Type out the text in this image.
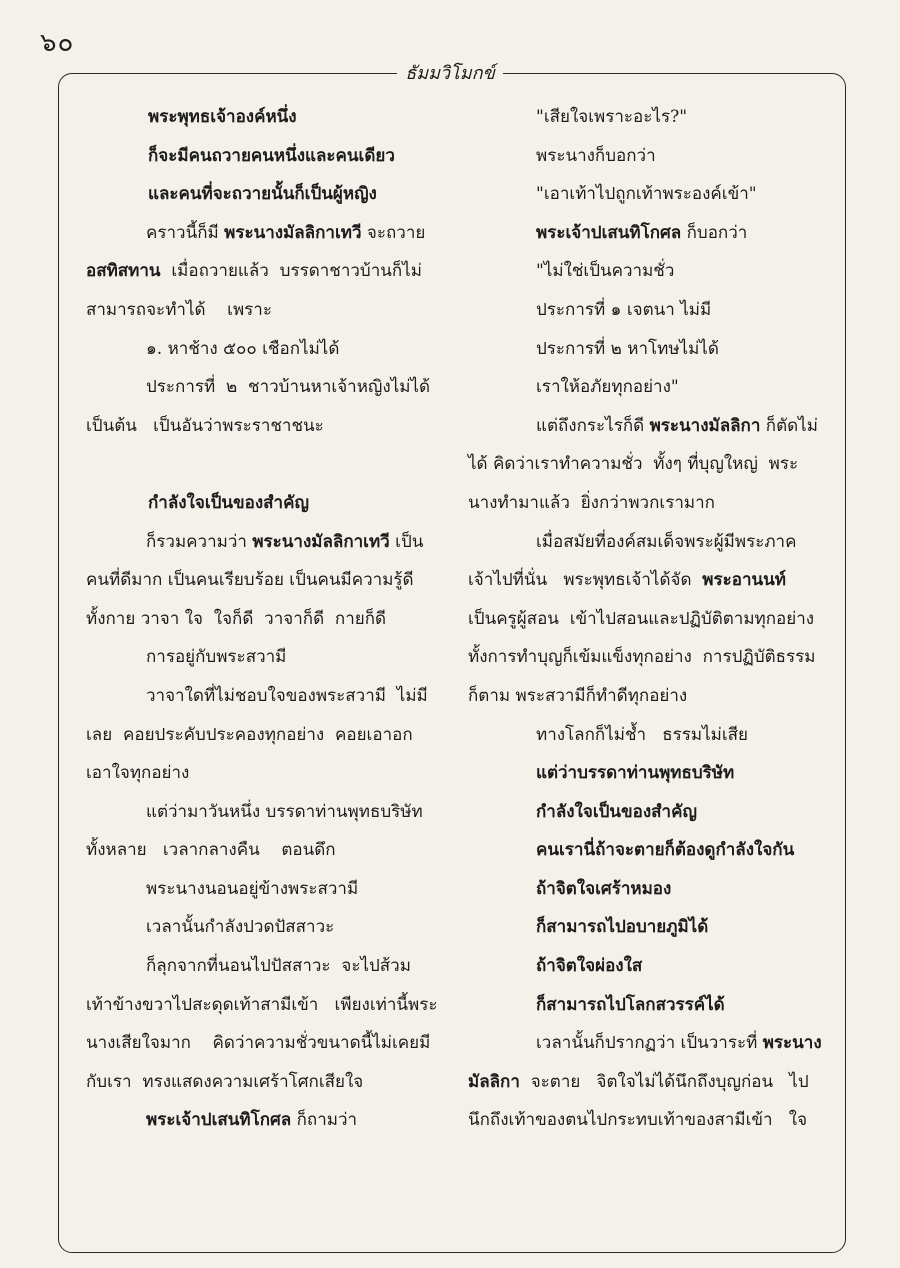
๖๐
ธัมมวิโมกข์
พระพุทธเจ้าองค์หนึ่ง
ก็จะมีคนถวายคนหนึ่งและคนเดียว
และคนที่จะถวายนั้นก็เป็นผู้หญิง
คราวนี้ก็มี พระนางมัลลิกาเทวี จะถวาย
อสทิสทาน  เมื่อถวายแล้ว  บรรดาชาวบ้านก็ไม่
สามารถจะทำได้    เพราะ
๑. หาช้าง ๕๐๐ เชือกไม่ได้
ประการที่  ๒  ชาวบ้านหาเจ้าหญิงไม่ได้
เป็นต้น   เป็นอันว่าพระราชาชนะ
กำลังใจเป็นของสำคัญ
ก็รวมความว่า พระนางมัลลิกาเทวี เป็น
คนที่ดีมาก เป็นคนเรียบร้อย เป็นคนมีความรู้ดี
ทั้งกาย วาจา ใจ  ใจก็ดี  วาจาก็ดี  กายก็ดี
การอยู่กับพระสวามี
วาจาใดที่ไม่ชอบใจของพระสวามี  ไม่มี
เลย  คอยประคับประคองทุกอย่าง  คอยเอาอก
เอาใจทุกอย่าง
แต่ว่ามาวันหนึ่ง บรรดาท่านพุทธบริษัท
ทั้งหลาย   เวลากลางคืน    ตอนดึก
พระนางนอนอยู่ข้างพระสวามี
เวลานั้นกำลังปวดปัสสาวะ
ก็ลุกจากที่นอนไปปัสสาวะ  จะไปส้วม
เท้าข้างขวาไปสะดุดเท้าสามีเข้า   เพียงเท่านี้พระ
นางเสียใจมาก    คิดว่าความชั่วขนาดนี้ไม่เคยมี
กับเรา  ทรงแสดงความเศร้าโศกเสียใจ
พระเจ้าปเสนทิโกศล ก็ถามว่า
"เสียใจเพราะอะไร?"
พระนางก็บอกว่า
"เอาเท้าไปถูกเท้าพระองค์เข้า"
พระเจ้าปเสนทิโกศล ก็บอกว่า
"ไม่ใช่เป็นความชั่ว
ประการที่ ๑ เจตนา ไม่มี
ประการที่ ๒ หาโทษไม่ได้
เราให้อภัยทุกอย่าง"
แต่ถึงกระไรก็ดี พระนางมัลลิกา ก็ตัดไม่
ได้ คิดว่าเราทำความชั่ว  ทั้งๆ ที่บุญใหญ่  พระ
นางทำมาแล้ว  ยิ่งกว่าพวกเรามาก
เมื่อสมัยที่องค์สมเด็จพระผู้มีพระภาค
เจ้าไปที่นั่น   พระพุทธเจ้าได้จัด  พระอานนท์
เป็นครูผู้สอน  เข้าไปสอนและปฏิบัติตามทุกอย่าง
ทั้งการทำบุญก็เข้มแข็งทุกอย่าง  การปฏิบัติธรรม
ก็ตาม พระสวามีก็ทำดีทุกอย่าง
ทางโลกก็ไม่ช้ำ   ธรรมไม่เสีย
แต่ว่าบรรดาท่านพุทธบริษัท
กำลังใจเป็นของสำคัญ
คนเรานี่ถ้าจะตายก็ต้องดูกำลังใจกัน
ถ้าจิตใจเศร้าหมอง
ก็สามารถไปอบายภูมิได้
ถ้าจิตใจผ่องใส
ก็สามารถไปโลกสวรรค์ได้
เวลานั้นก็ปรากฏว่า เป็นวาระที่ พระนาง
มัลลิกา  จะตาย   จิตใจไม่ได้นึกถึงบุญก่อน   ไป
นึกถึงเท้าของตนไปกระทบเท้าของสามีเข้า   ใจ
